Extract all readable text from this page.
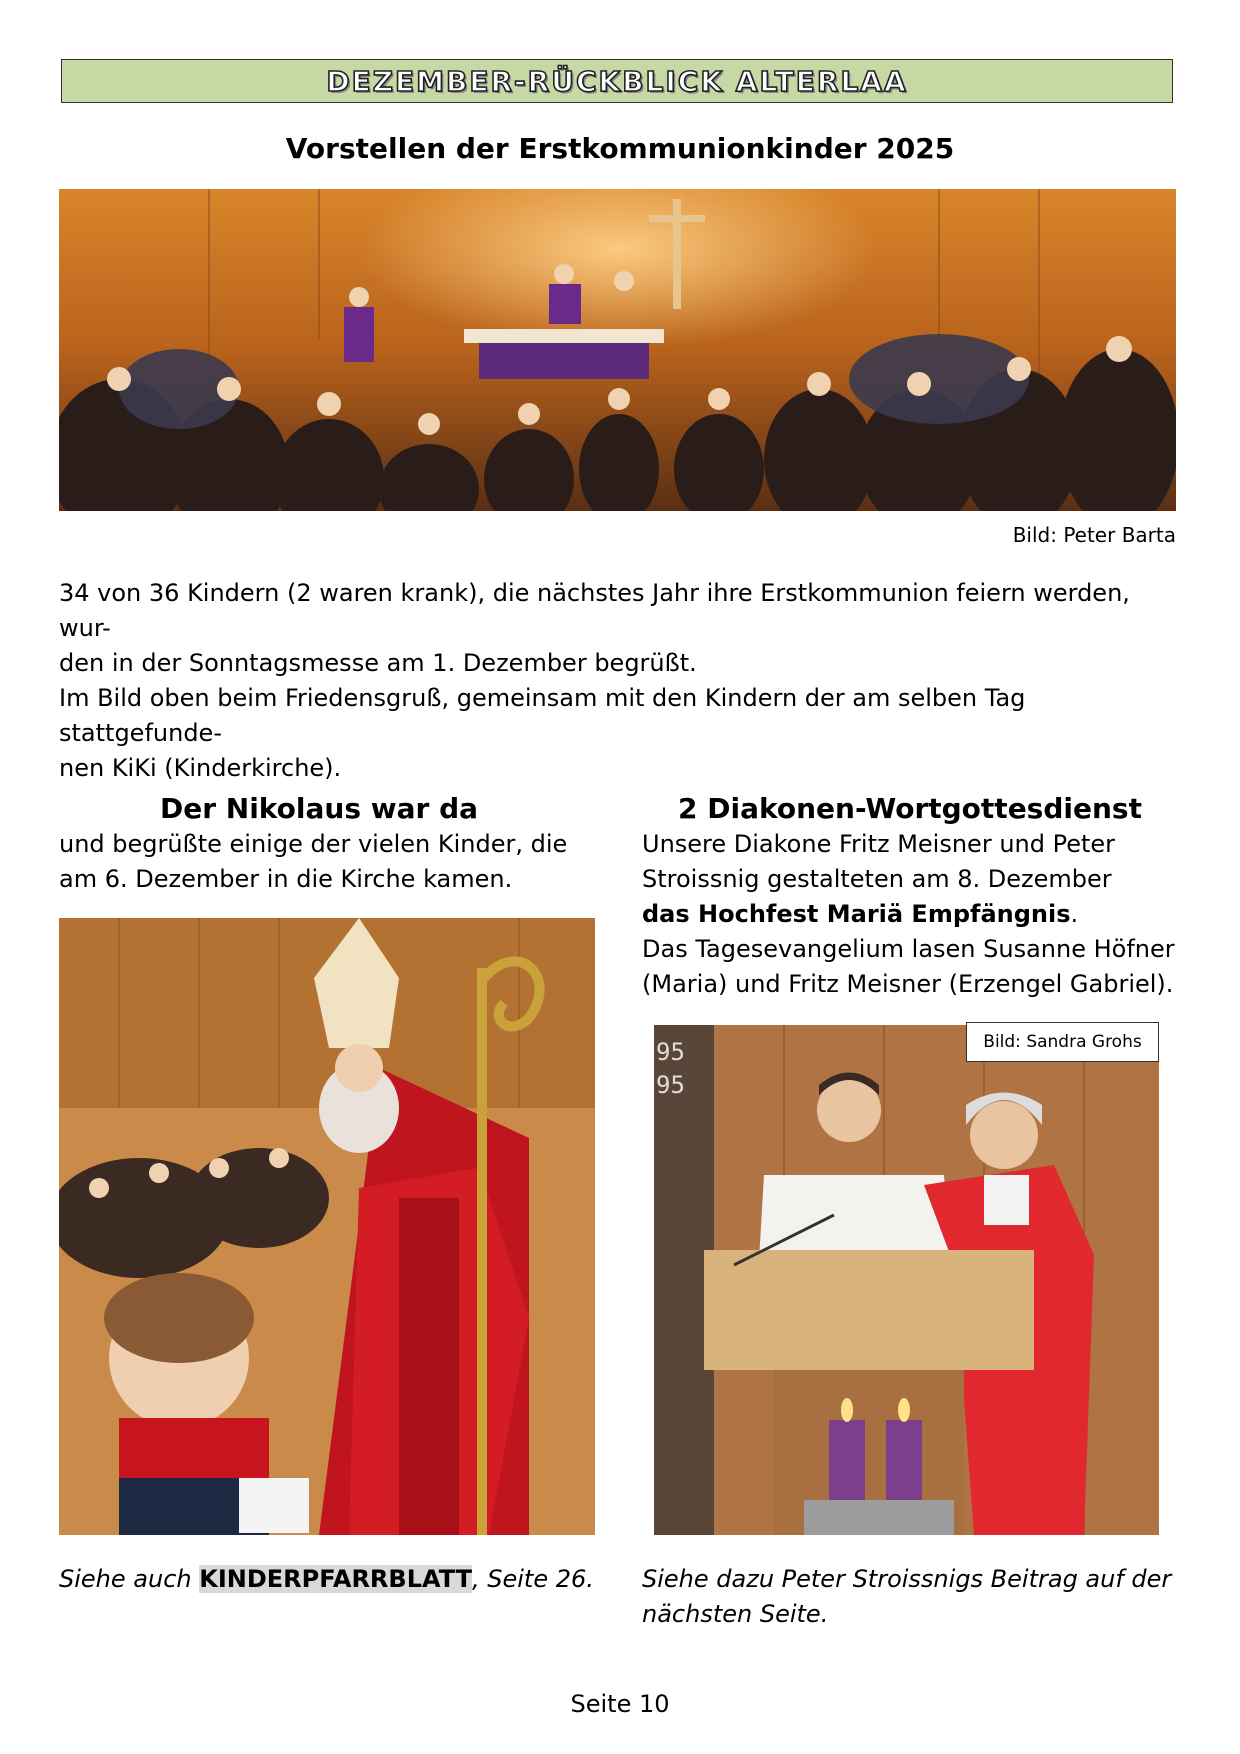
DEZEMBER-RÜCKBLICK ALTERLAA
Vorstellen der Erstkommunionkinder 2025
Bild: Peter Barta

34 von 36 Kindern (2 waren krank), die nächstes Jahr ihre Erstkommunion feiern werden, wur-

den in der Sonntagsmesse am 1. Dezember begrüßt.

Im Bild oben beim Friedensgruß, gemeinsam mit den Kindern der am selben Tag stattgefunde-

nen KiKi (Kinderkirche).

Der Nikolaus war da

und begrüßte einige der vielen Kinder, die

am 6. Dezember in die Kirche kamen.

Siehe auch KINDERPFARRBLATT, Seite 26.

2 Diakonen-Wortgottesdienst

Unsere Diakone Fritz Meisner und Peter

Stroissnig gestalteten am 8. Dezember

das Hochfest Mariä Empfängnis.

Das Tagesevangelium lasen Susanne Höfner

(Maria) und Fritz Meisner (Erzengel Gabriel).

95
95
Bild: Sandra Grohs

Siehe dazu Peter Stroissnigs Beitrag auf der

nächsten Seite.

Seite 10
